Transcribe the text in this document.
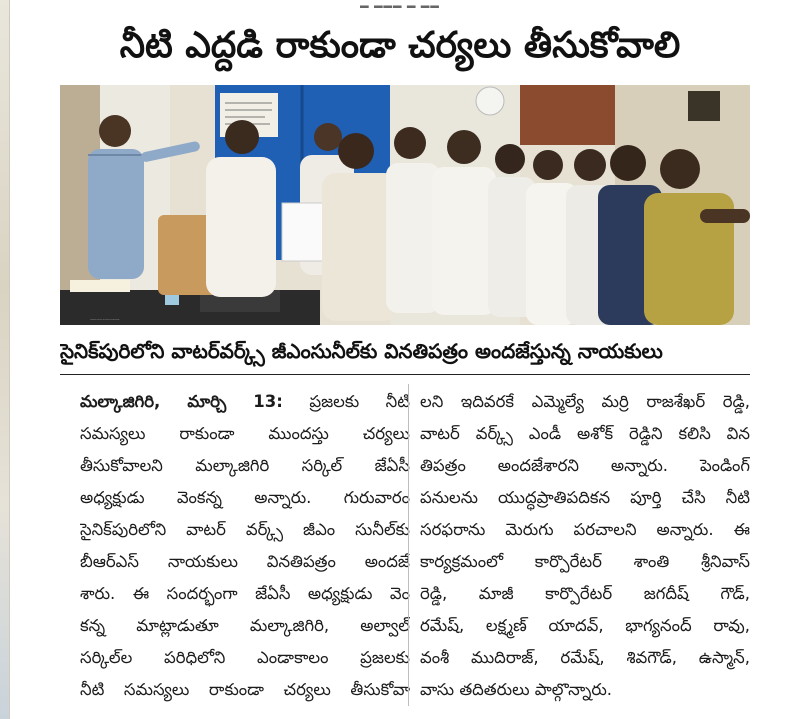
▂ ▂▂▂ ▂ ▂▂
నీటి ఎద్దడి రాకుండా చర్యలు తీసుకోవాలి
CONSULTATION PRIORITY PEOPLE NEXT SALT INTRODUCED
సైనిక్‌పురిలోని వాటర్‌వర్క్స్ జీఎంసునీల్‌కు వినతిపత్రం అందజేస్తున్న నాయకులు
మల్కాజిగిరి, మార్చి 13: ప్రజలకు నీటి
సమస్యలు రాకుండా ముందస్తు చర్యలు
తీసుకోవాలని మల్కాజిగిరి సర్కిల్ జేఏసీ
అధ్యక్షుడు వెంకన్న అన్నారు. గురువారం
సైనిక్‌పురిలోని వాటర్ వర్క్స్ జీఎం సునీల్‌కు
బీఆర్ఎస్ నాయకులు వినతిపత్రం అందజే
శారు. ఈ సందర్భంగా జేఏసీ అధ్యక్షుడు వెం
కన్న మాట్లాడుతూ మల్కాజిగిరి, అల్వాల్
సర్కిల్‌ల పరిధిలోని ఎండాకాలం ప్రజలకు
నీటి సమస్యలు రాకుండా చర్యలు తీసుకోవా
లని ఇదివరకే ఎమ్మెల్యే మర్రి రాజశేఖర్ రెడ్డి,
వాటర్ వర్క్స్ ఎండీ అశోక్ రెడ్డిని కలిసి విన
తిపత్రం అందజేశారని అన్నారు. పెండింగ్
పనులను యుద్ధప్రాతిపదికన పూర్తి చేసి నీటి
సరఫరాను మెరుగు పరచాలని అన్నారు. ఈ
కార్యక్రమంలో కార్పొరేటర్ శాంతి శ్రీనివాస్
రెడ్డి, మాజీ కార్పొరేటర్ జగదీష్ గౌడ్,
రమేష్, లక్ష్మణ్ యాదవ్, భాగ్యనంద్ రావు,
వంశీ ముదిరాజ్, రమేష్, శివగౌడ్, ఉస్మాన్,
వాసు తదితరులు పాల్గొన్నారు.
